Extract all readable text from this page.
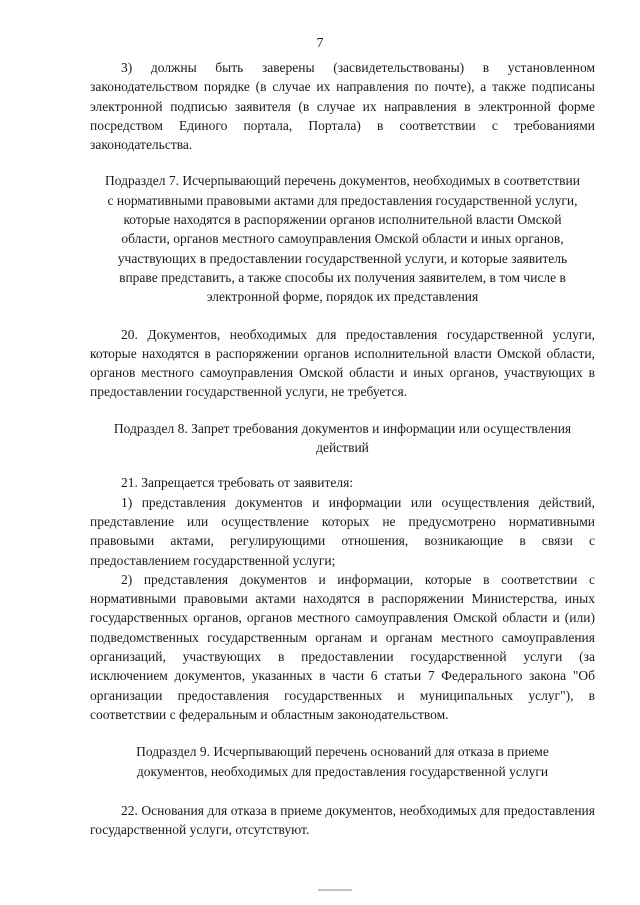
7

3) должны быть заверены (засвидетельствованы) в установленном законодательством порядке (в случае их направления по почте), а также подписаны электронной подписью заявителя (в случае их направления в электронной форме посредством Единого портала, Портала) в соответствии с требованиями законодательства.

Подраздел 7. Исчерпывающий перечень документов, необходимых в соответствии с нормативными правовыми актами для предоставления государственной услуги, которые находятся в распоряжении органов исполнительной власти Омской области, органов местного самоуправления Омской области и иных органов, участвующих в предоставлении государственной услуги, и которые заявитель вправе представить, а также способы их получения заявителем, в том числе в электронной форме, порядок их представления

20. Документов, необходимых для предоставления государственной услуги, которые находятся в распоряжении органов исполнительной власти Омской области, органов местного самоуправления Омской области и иных органов, участвующих в предоставлении государственной услуги, не требуется.

Подраздел 8. Запрет требования документов и информации или осуществления действий

21. Запрещается требовать от заявителя:

1) представления документов и информации или осуществления действий, представление или осуществление которых не предусмотрено нормативными правовыми актами, регулирующими отношения, возникающие в связи с предоставлением государственной услуги;

2) представления документов и информации, которые в соответствии с нормативными правовыми актами находятся в распоряжении Министерства, иных государственных органов, органов местного самоуправления Омской области и (или) подведомственных государственным органам и органам местного самоуправления организаций, участвующих в предоставлении государственной услуги (за исключением документов, указанных в части 6 статьи 7 Федерального закона "Об организации предоставления государственных и муниципальных услуг"), в соответствии с федеральным и областным законодательством.

Подраздел 9. Исчерпывающий перечень оснований для отказа в приеме документов, необходимых для предоставления государственной услуги

22. Основания для отказа в приеме документов, необходимых для предоставления государственной услуги, отсутствуют.
